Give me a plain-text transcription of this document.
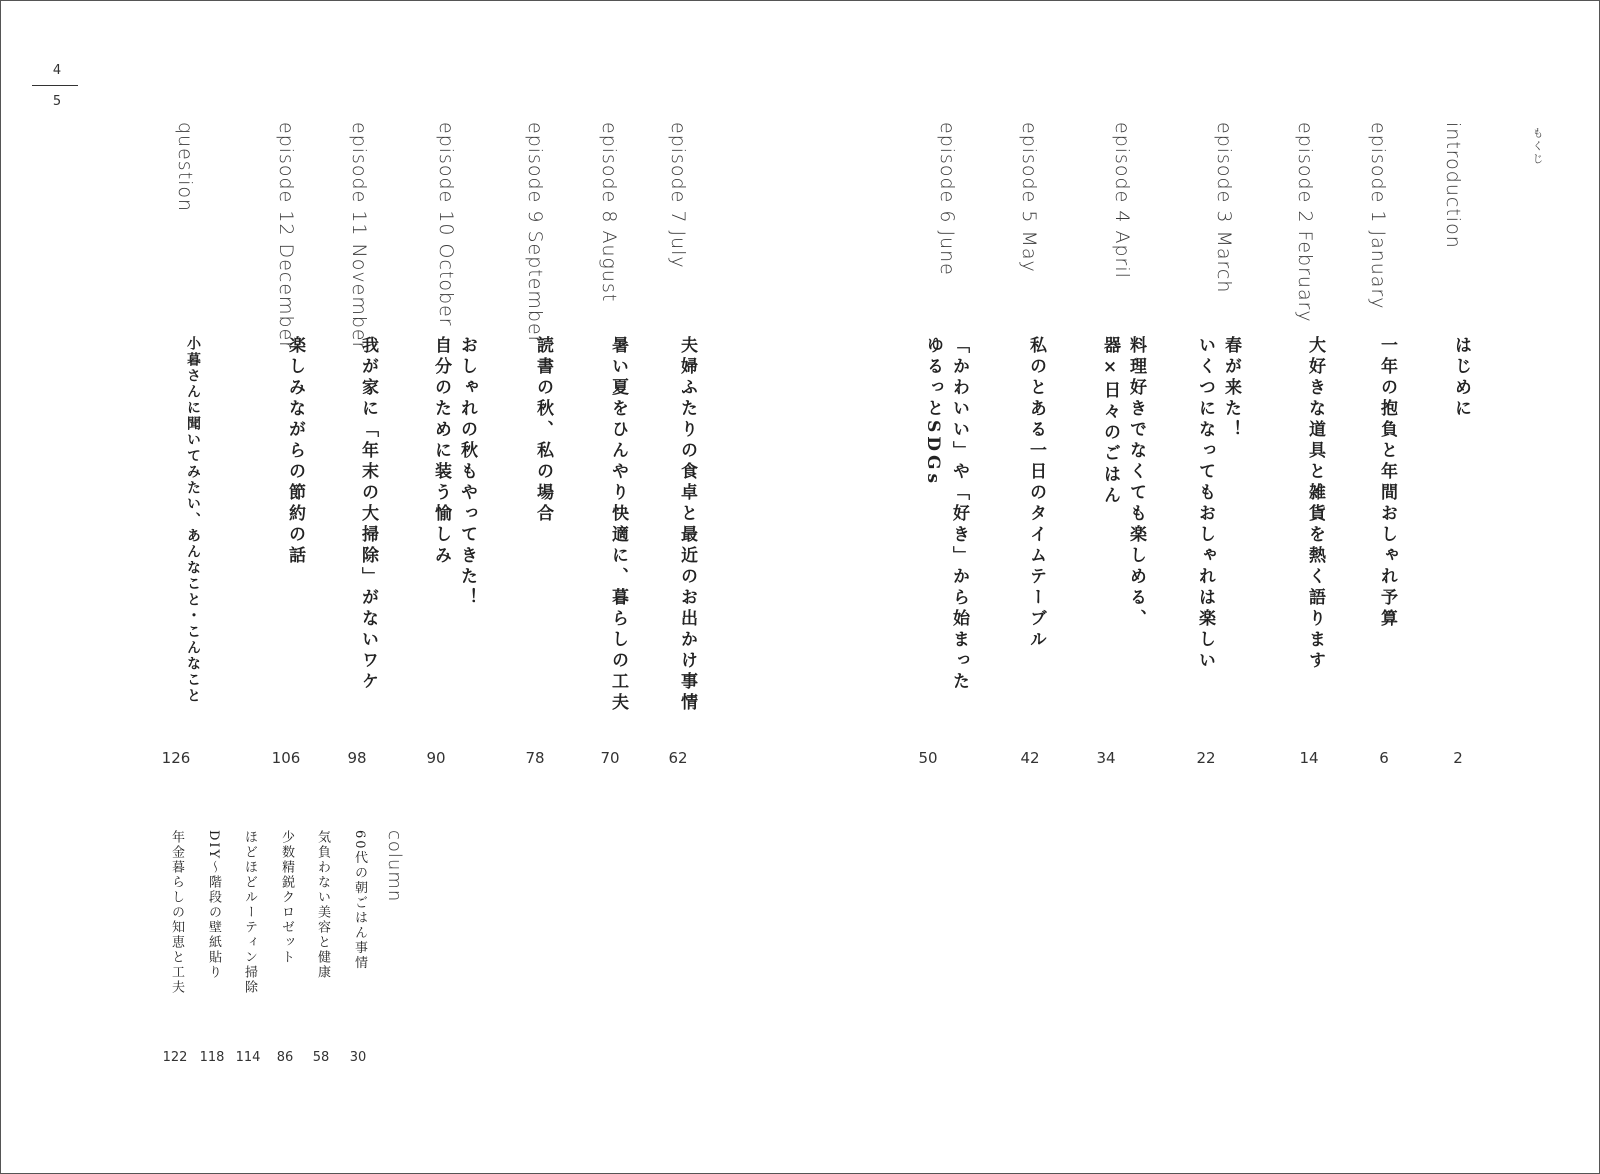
4
5
もくじ
introduction
はじめに
2
episode 1 January
一年の抱負と年間おしゃれ予算
6
episode 2 February
大好きな道具と雑貨を熱く語ります
14
episode 3 March
春が来た！
いくつになってもおしゃれは楽しい
22
episode 4 April
料理好きでなくても楽しめる、
器×日々のごはん
34
episode 5 May
私のとある一日のタイムテーブル
42
episode 6 June
「かわいい」や「好き」から始まった
ゆるっとSDGs
50
episode 7 July
夫婦ふたりの食卓と最近のお出かけ事情
62
episode 8 August
暑い夏をひんやり快適に、暮らしの工夫
70
episode 9 September
読書の秋、私の場合
78
episode 10 October
おしゃれの秋もやってきた！
自分のために装う愉しみ
90
episode 11 November
我が家に「年末の大掃除」がないワケ
98
episode 12 December
楽しみながらの節約の話
106
question
小暮さんに聞いてみたい、あんなこと・こんなこと
126
column
60代の朝ごはん事情
30
気負わない美容と健康
58
少数精鋭クロゼット
86
ほどほどルーティン掃除
114
DIY〜階段の壁紙貼り
118
年金暮らしの知恵と工夫
122
